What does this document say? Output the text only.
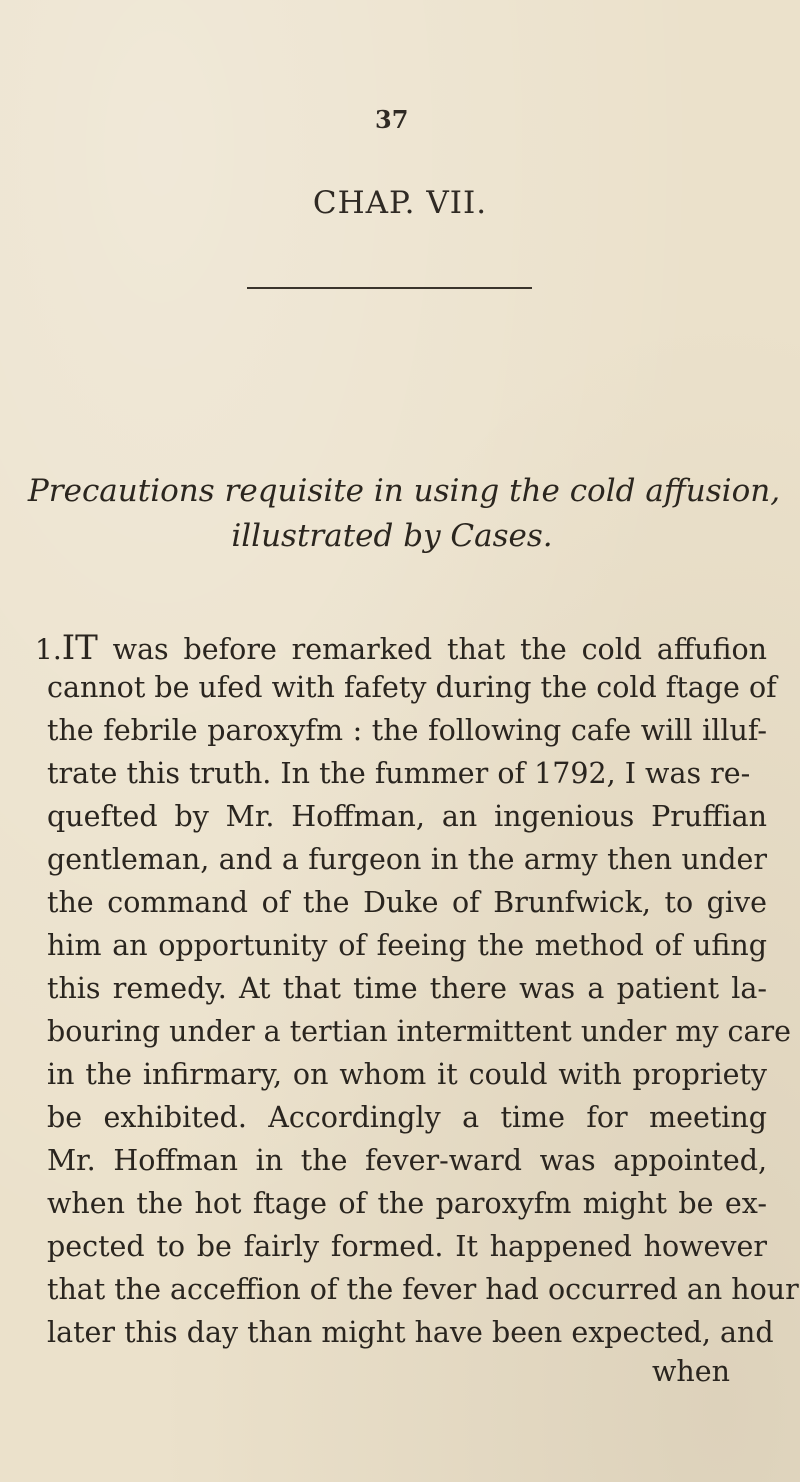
37
CHAP. VII.
Precautions requisite in using the cold affusion,
illustrated by Cases.
1.IT was before remarked that the cold affufion
cannot be ufed with fafety during the cold ftage of
the febrile paroxyfm : the following cafe will illuf-
trate this truth. In the fummer of 1792, I was re-
quefted by Mr. Hoffman, an ingenious Pruffian
gentleman, and a furgeon in the army then under
the command of the Duke of Brunfwick, to give
him an opportunity of feeing the method of ufing
this remedy. At that time there was a patient la-
bouring under a tertian intermittent under my care
in the infirmary, on whom it could with propriety
be exhibited. Accordingly a time for meeting
Mr. Hoffman in the fever-ward was appointed,
when the hot ftage of the paroxyfm might be ex-
pected to be fairly formed. It happened however
that the acceffion of the fever had occurred an hour
later this day than might have been expected, and
when
